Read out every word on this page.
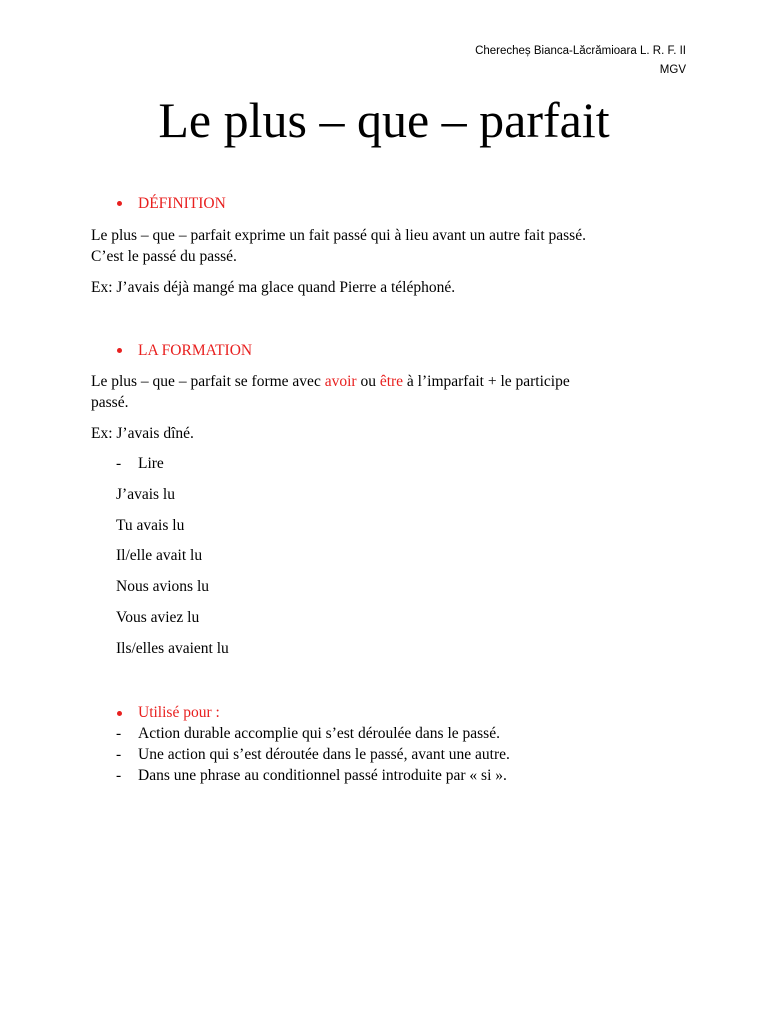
Cherecheș Bianca-Lăcrămioara L. R. F. II
MGV
Le plus – que – parfait
DÉFINITION

Le plus – que – parfait exprime un fait passé qui à lieu avant un autre fait passé.

C’est le passé du passé.

Ex: J’avais déjà mangé ma glace quand Pierre a téléphoné.

LA FORMATION

Le plus – que – parfait se forme avec avoir ou être à l’imparfait + le participe

passé.

Ex: J’avais dîné.

- Lire
J’avais lu
Tu avais lu
Il/elle avait lu
Nous avions lu
Vous aviez lu
Ils/elles avaient lu
Utilisé pour :
- Action durable accomplie qui s’est déroulée dans le passé.
- Une action qui s’est déroutée dans le passé, avant une autre.
- Dans une phrase au conditionnel passé introduite par « si ».
